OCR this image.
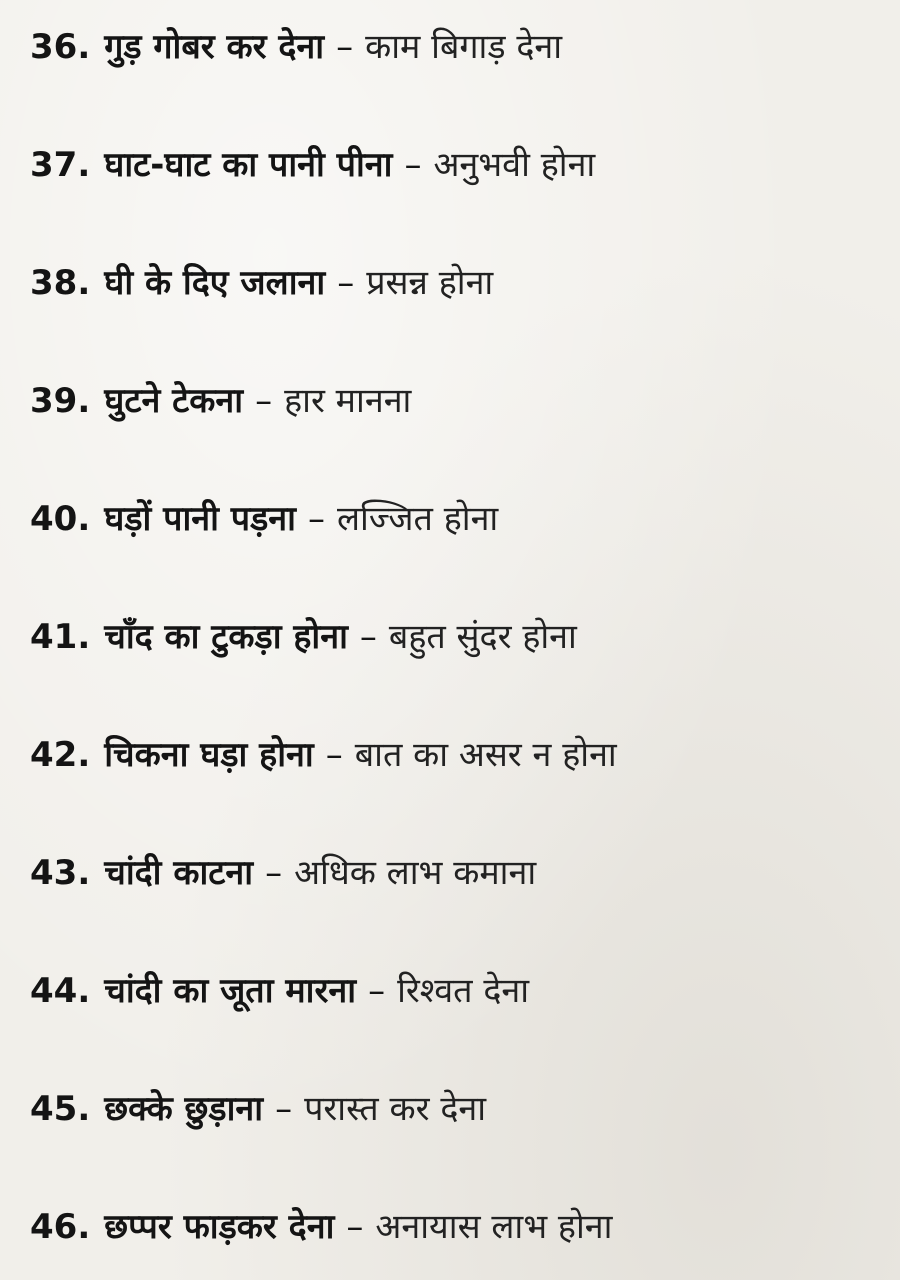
36. गुड़ गोबर कर देना – काम बिगाड़ देना
37. घाट-घाट का पानी पीना – अनुभवी होना
38. घी के दिए जलाना – प्रसन्न होना
39. घुटने टेकना – हार मानना
40. घड़ों पानी पड़ना – लज्जित होना
41. चाँद का टुकड़ा होना – बहुत सुंदर होना
42. चिकना घड़ा होना – बात का असर न होना
43. चांदी काटना – अधिक लाभ कमाना
44. चांदी का जूता मारना – रिश्वत देना
45. छक्के छुड़ाना – परास्त कर देना
46. छप्पर फाड़कर देना – अनायास लाभ होना
